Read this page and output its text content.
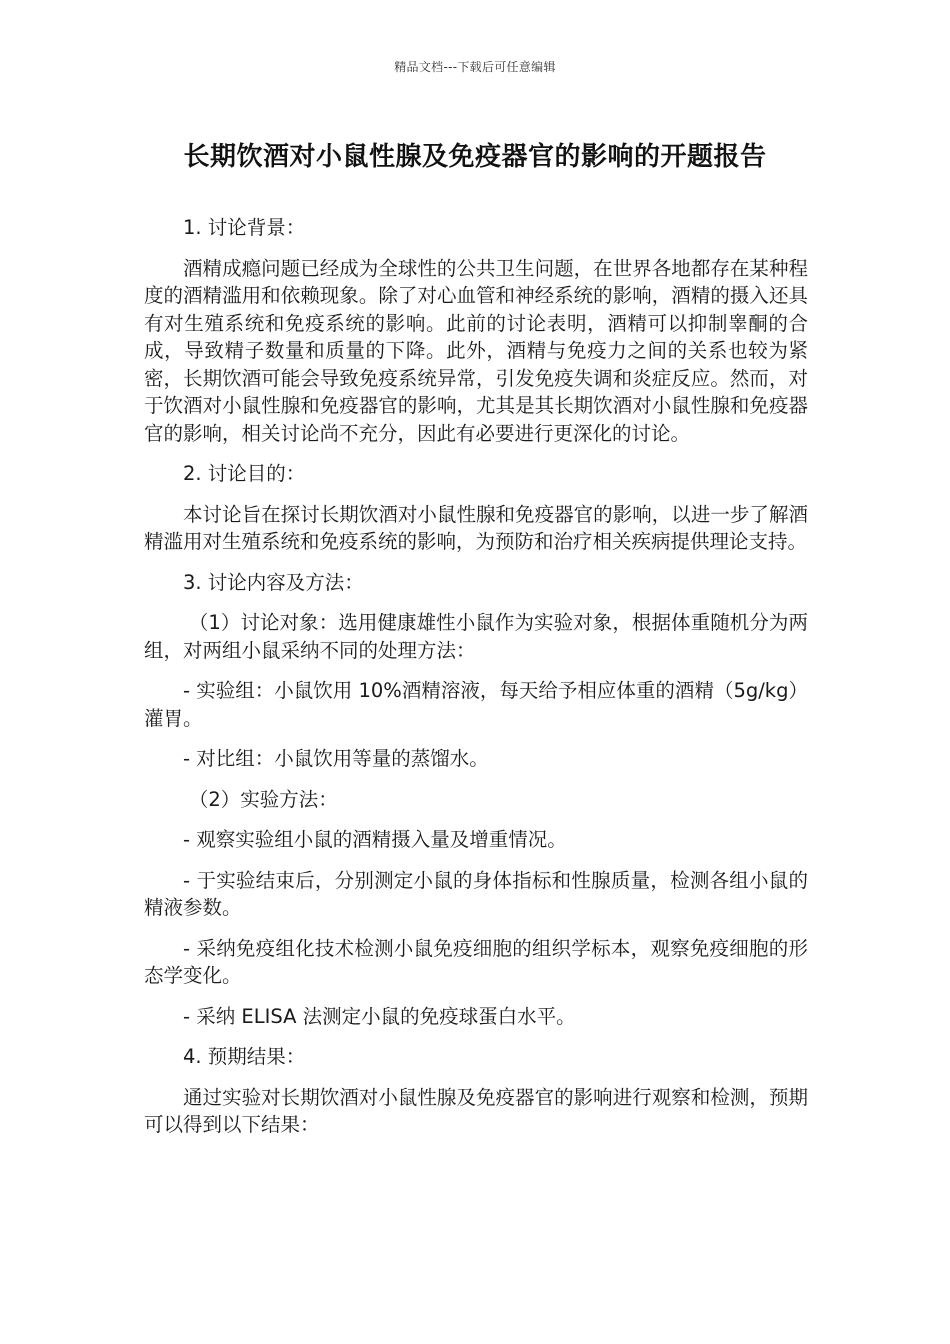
精品文档---下载后可任意编辑
长期饮酒对小鼠性腺及免疫器官的影响的开题报告

1. 讨论背景：

酒精成瘾问题已经成为全球性的公共卫生问题，在世界各地都存在某种程度的酒精滥用和依赖现象。除了对心血管和神经系统的影响，酒精的摄入还具有对生殖系统和免疫系统的影响。此前的讨论表明，酒精可以抑制睾酮的合成，导致精子数量和质量的下降。此外，酒精与免疫力之间的关系也较为紧密，长期饮酒可能会导致免疫系统异常，引发免疫失调和炎症反应。然而，对于饮酒对小鼠性腺和免疫器官的影响，尤其是其长期饮酒对小鼠性腺和免疫器官的影响，相关讨论尚不充分，因此有必要进行更深化的讨论。

2. 讨论目的：

本讨论旨在探讨长期饮酒对小鼠性腺和免疫器官的影响，以进一步了解酒精滥用对生殖系统和免疫系统的影响，为预防和治疗相关疾病提供理论支持。

3. 讨论内容及方法：

（1）讨论对象：选用健康雄性小鼠作为实验对象，根据体重随机分为两组，对两组小鼠采纳不同的处理方法：

- 实验组：小鼠饮用 10%酒精溶液，每天给予相应体重的酒精（5g/kg）灌胃。

- 对比组：小鼠饮用等量的蒸馏水。

（2）实验方法：

- 观察实验组小鼠的酒精摄入量及增重情况。

- 于实验结束后，分别测定小鼠的身体指标和性腺质量，检测各组小鼠的精液参数。

- 采纳免疫组化技术检测小鼠免疫细胞的组织学标本，观察免疫细胞的形态学变化。

- 采纳 ELISA 法测定小鼠的免疫球蛋白水平。

4. 预期结果：

通过实验对长期饮酒对小鼠性腺及免疫器官的影响进行观察和检测，预期可以得到以下结果：
